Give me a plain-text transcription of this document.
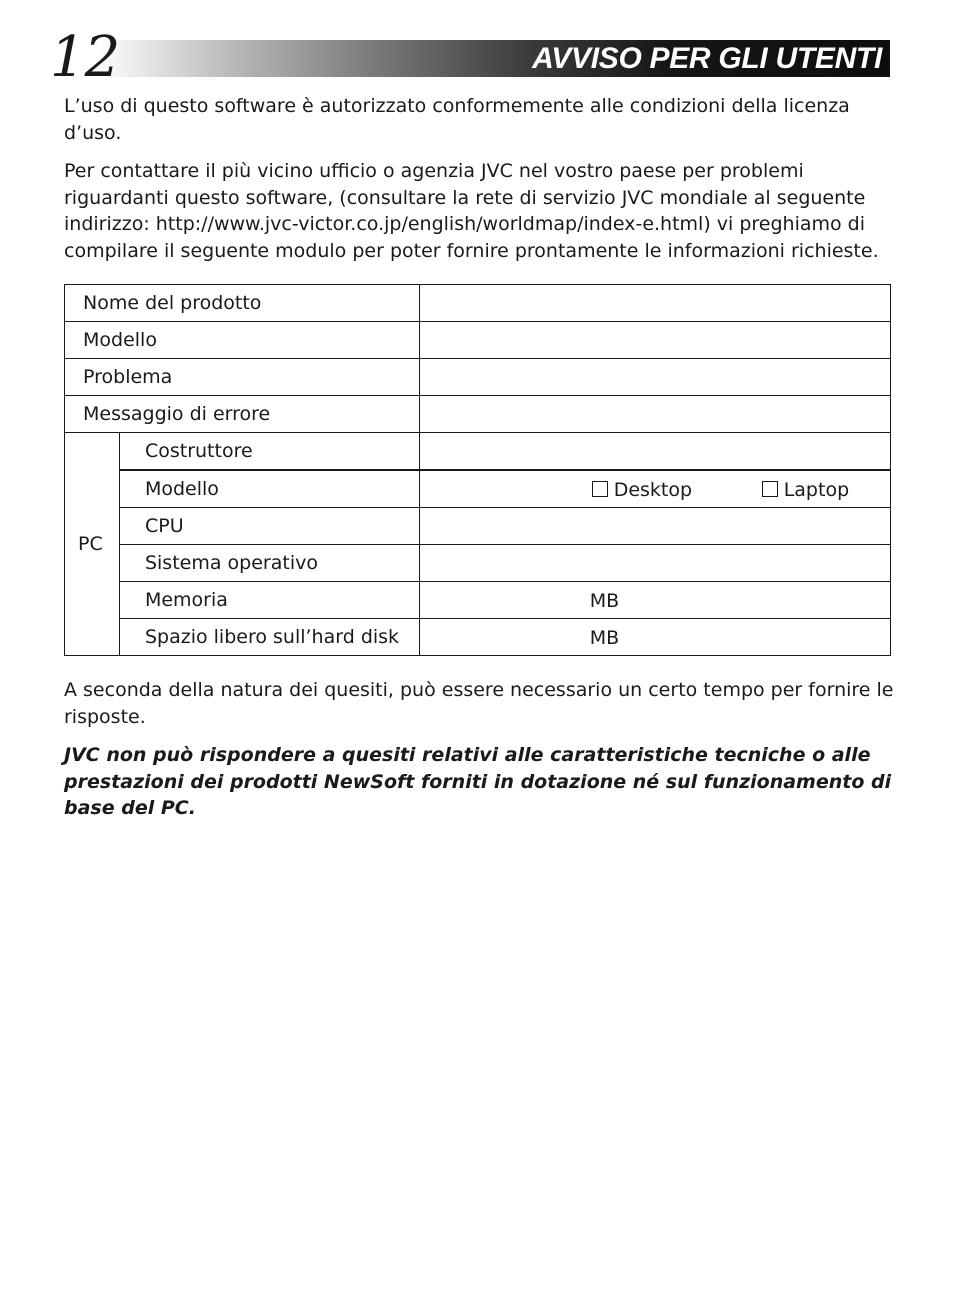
12	AVVISO PER GLI UTENTI

L’uso di questo software è autorizzato conformemente alle condizioni della licenza d’uso.

Per contattare il più vicino ufficio o agenzia JVC nel vostro paese per problemi riguardanti questo software, (consultare la rete di servizio JVC mondiale al seguente indirizzo: http://www.jvc-victor.co.jp/english/worldmap/index-e.html) vi preghiamo di compilare il seguente modulo per poter fornire prontamente le informazioni richieste.

Nome del prodotto		
Modello		
Problema		
Messaggio di errore		
PC	Costruttore	
	Modello	Desktop Laptop

	CPU	
	Sistema operativo	
	Memoria	MB

	Spazio libero sull’hard disk	MB

A seconda della natura dei quesiti, può essere necessario un certo tempo per fornire le risposte.

JVC non può rispondere a quesiti relativi alle caratteristiche tecniche o alle prestazioni dei prodotti NewSoft forniti in dotazione né sul funzionamento di base del PC.
